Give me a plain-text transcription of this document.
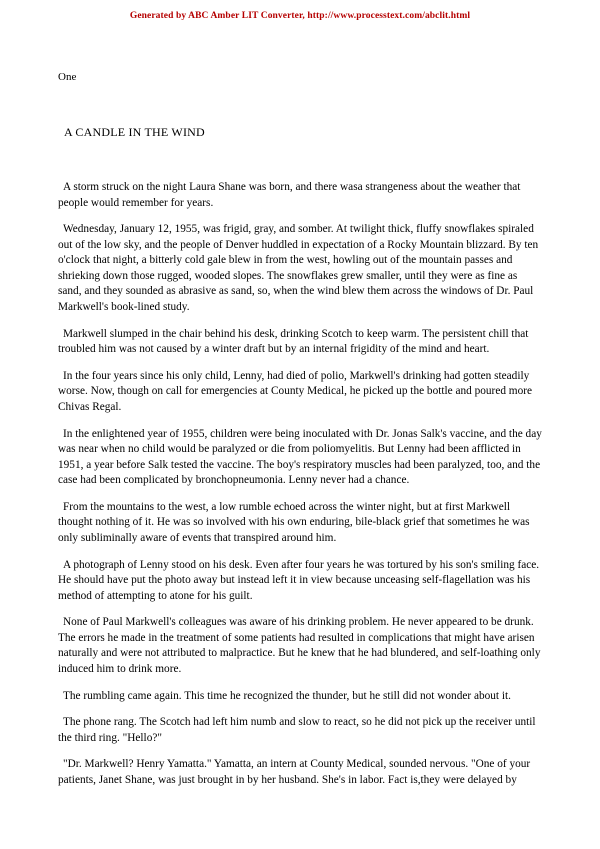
Generated by ABC Amber LIT Converter, http://www.processtext.com/abclit.html
One
A CANDLE IN THE WIND

A storm struck on the night Laura Shane was born, and there wasa strangeness about the weather that people would remember for years.

Wednesday, January 12, 1955, was frigid, gray, and somber. At twilight thick, fluffy snowflakes spiraled out of the low sky, and the people of Denver huddled in expectation of a Rocky Mountain blizzard. By ten o'clock that night, a bitterly cold gale blew in from the west, howling out of the mountain passes and shrieking down those rugged, wooded slopes. The snowflakes grew smaller, until they were as fine as sand, and they sounded as abrasive as sand, so, when the wind blew them across the windows of Dr. Paul Markwell's book-lined study.

Markwell slumped in the chair behind his desk, drinking Scotch to keep warm. The persistent chill that troubled him was not caused by a winter draft but by an internal frigidity of the mind and heart.

In the four years since his only child, Lenny, had died of polio, Markwell's drinking had gotten steadily worse. Now, though on call for emergencies at County Medical, he picked up the bottle and poured more Chivas Regal.

In the enlightened year of 1955, children were being inoculated with Dr. Jonas Salk's vaccine, and the day was near when no child would be paralyzed or die from poliomyelitis. But Lenny had been afflicted in 1951, a year before Salk tested the vaccine. The boy's respiratory muscles had been paralyzed, too, and the case had been complicated by bronchopneumonia. Lenny never had a chance.

From the mountains to the west, a low rumble echoed across the winter night, but at first Markwell thought nothing of it. He was so involved with his own enduring, bile-black grief that sometimes he was only subliminally aware of events that transpired around him.

A photograph of Lenny stood on his desk. Even after four years he was tortured by his son's smiling face. He should have put the photo away but instead left it in view because unceasing self-flagellation was his method of attempting to atone for his guilt.

None of Paul Markwell's colleagues was aware of his drinking problem. He never appeared to be drunk. The errors he made in the treatment of some patients had resulted in complications that might have arisen naturally and were not attributed to malpractice. But he knew that he had blundered, and self-loathing only induced him to drink more.

The rumbling came again. This time he recognized the thunder, but he still did not wonder about it.

The phone rang. The Scotch had left him numb and slow to react, so he did not pick up the receiver until the third ring. "Hello?"

"Dr. Markwell? Henry Yamatta." Yamatta, an intern at County Medical, sounded nervous. "One of your patients, Janet Shane, was just brought in by her husband. She's in labor. Fact is,they were delayed by
